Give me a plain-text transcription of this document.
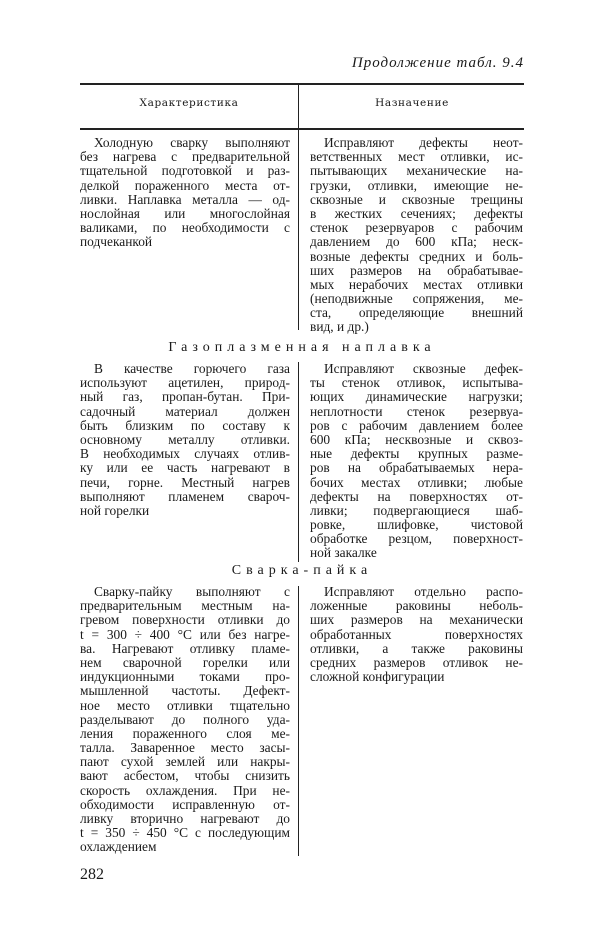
Продолжение табл. 9.4
Характеристика	Назначение
Холодную сварку выполняют
без нагрева с предварительной
тщательной подготовкой и раз-
делкой пораженного места от-
ливки. Наплавка металла — од-
нослойная или многослойная
валиками, по необходимости с
подчеканкой
Исправляют дефекты неот-
ветственных мест отливки, ис-
пытывающих механические на-
грузки, отливки, имеющие не-
сквозные и сквозные трещины
в жестких сечениях; дефекты
стенок резервуаров с рабочим
давлением до 600 кПа; неск-
возные дефекты средних и боль-
ших размеров на обрабатывае-
мых нерабочих местах отливки
(неподвижные сопряжения, ме-
ста, определяющие внешний
вид, и др.)
Газоплазменная наплавка
В качестве горючего газа
используют ацетилен, природ-
ный газ, пропан-бутан. При-
садочный материал должен
быть близким по составу к
основному металлу отливки.
В необходимых случаях отлив-
ку или ее часть нагревают в
печи, горне. Местный нагрев
выполняют пламенем свароч-
ной горелки
Исправляют сквозные дефек-
ты стенок отливок, испытыва-
ющих динамические нагрузки;
неплотности стенок резервуа-
ров с рабочим давлением более
600 кПа; несквозные и сквоз-
ные дефекты крупных разме-
ров на обрабатываемых нера-
бочих местах отливки; любые
дефекты на поверхностях от-
ливки; подвергающиеся шаб-
ровке, шлифовке, чистовой
обработке резцом, поверхност-
ной закалке
Сварка-пайка
Сварку-пайку выполняют с
предварительным местным на-
гревом поверхности отливки до
t = 300 ÷ 400 °C или без нагре-
ва. Нагревают отливку пламе-
нем сварочной горелки или
индукционными токами про-
мышленной частоты. Дефект-
ное место отливки тщательно
разделывают до полного уда-
ления пораженного слоя ме-
талла. Заваренное место засы-
пают сухой землей или накры-
вают асбестом, чтобы снизить
скорость охлаждения. При не-
обходимости исправленную от-
ливку вторично нагревают до
t = 350 ÷ 450 °C с последующим
охлаждением
Исправляют отдельно распо-
ложенные раковины неболь-
ших размеров на механически
обработанных поверхностях
отливки, а также раковины
средних размеров отливок не-
сложной конфигурации
282
